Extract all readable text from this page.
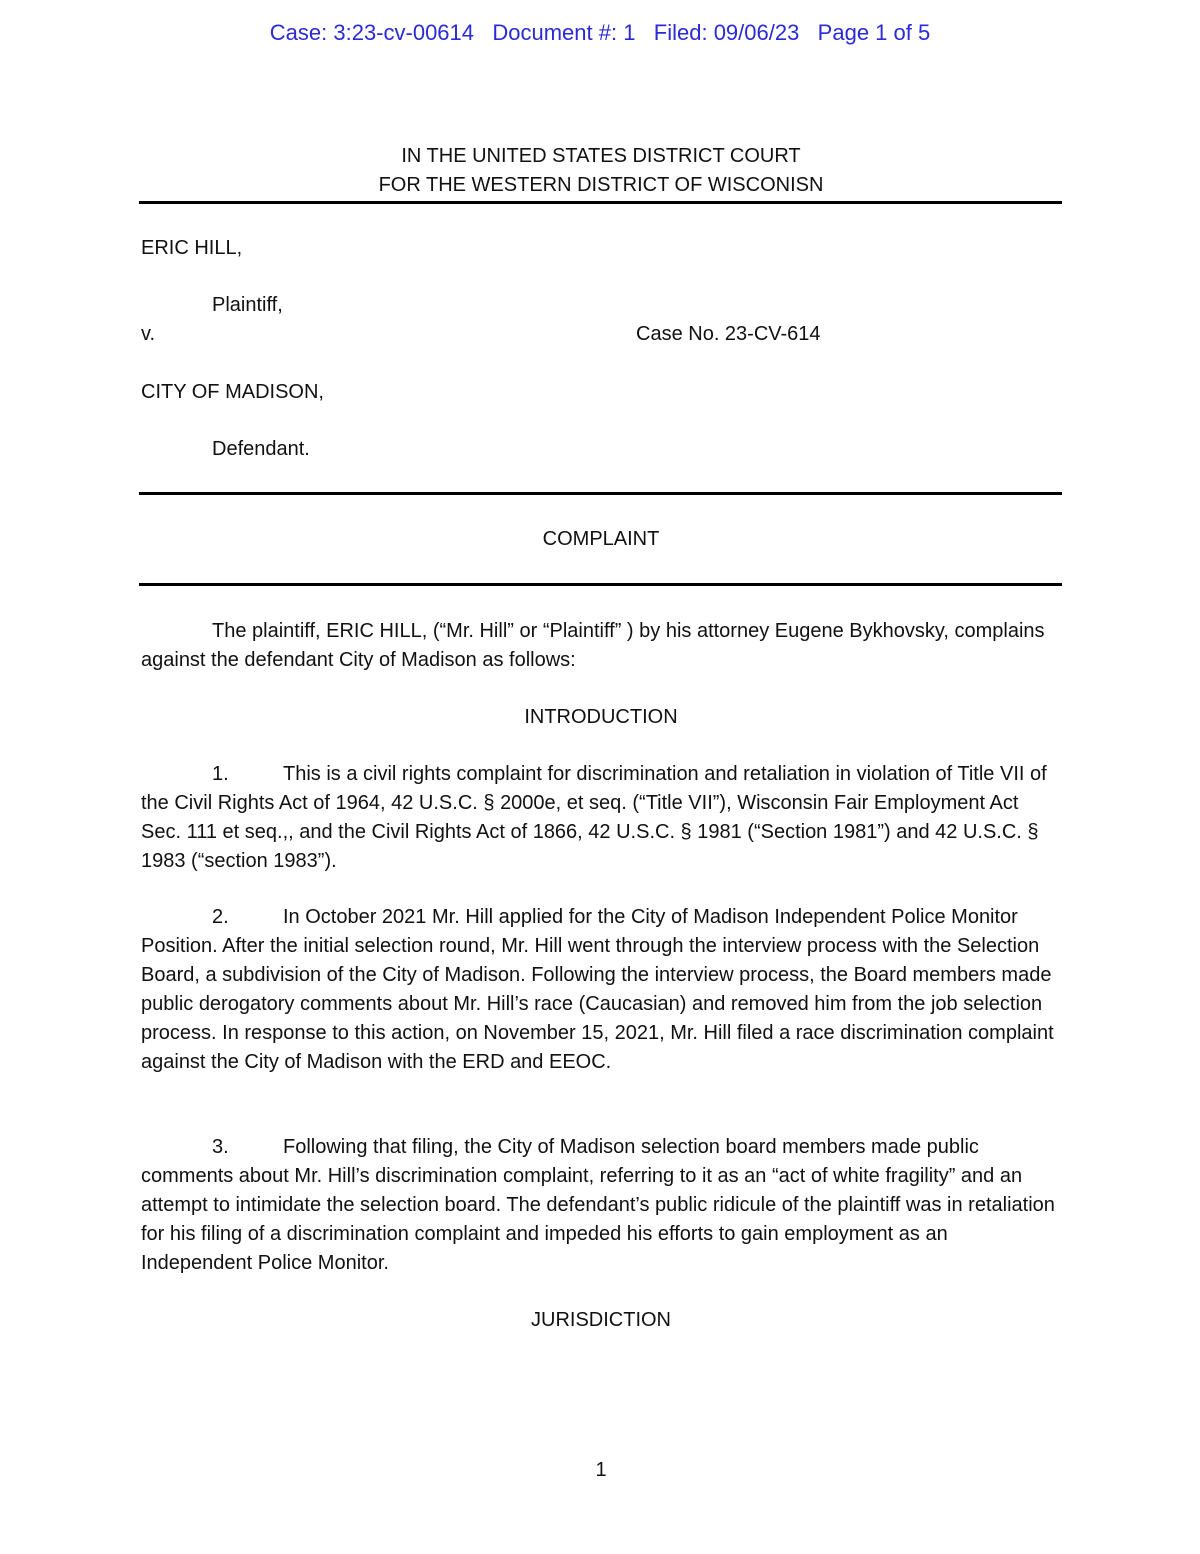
Case: 3:23-cv-00614 Document #: 1 Filed: 09/06/23 Page 1 of 5
IN THE UNITED STATES DISTRICT COURT
FOR THE WESTERN DISTRICT OF WISCONISN
ERIC HILL,
Plaintiff,
v.	Case No. 23-CV-614
CITY OF MADISON,
Defendant.
COMPLAINT

The plaintiff, ERIC HILL, (“Mr. Hill” or “Plaintiff” ) by his attorney Eugene Bykhovsky, complains against the defendant City of Madison as follows:

INTRODUCTION

1.	This is a civil rights complaint for discrimination and retaliation in violation of Title VII of the Civil Rights Act of 1964, 42 U.S.C. § 2000e, et seq. (“Title VII”), Wisconsin Fair Employment Act Sec. 111 et seq.,, and the Civil Rights Act of 1866, 42 U.S.C. § 1981 (“Section 1981”) and 42 U.S.C. § 1983 (“section 1983”).

2.	In October 2021 Mr. Hill applied for the City of Madison Independent Police Monitor Position. After the initial selection round, Mr. Hill went through the interview process with the Selection Board, a subdivision of the City of Madison. Following the interview process, the Board members made public derogatory comments about Mr. Hill’s race (Caucasian) and removed him from the job selection process. In response to this action, on November 15, 2021, Mr. Hill filed a race discrimination complaint against the City of Madison with the ERD and EEOC.

3.	Following that filing, the City of Madison selection board members made public comments about Mr. Hill’s discrimination complaint, referring to it as an “act of white fragility” and an attempt to intimidate the selection board. The defendant’s public ridicule of the plaintiff was in retaliation for his filing of a discrimination complaint and impeded his efforts to gain employment as an Independent Police Monitor.

JURISDICTION
1
